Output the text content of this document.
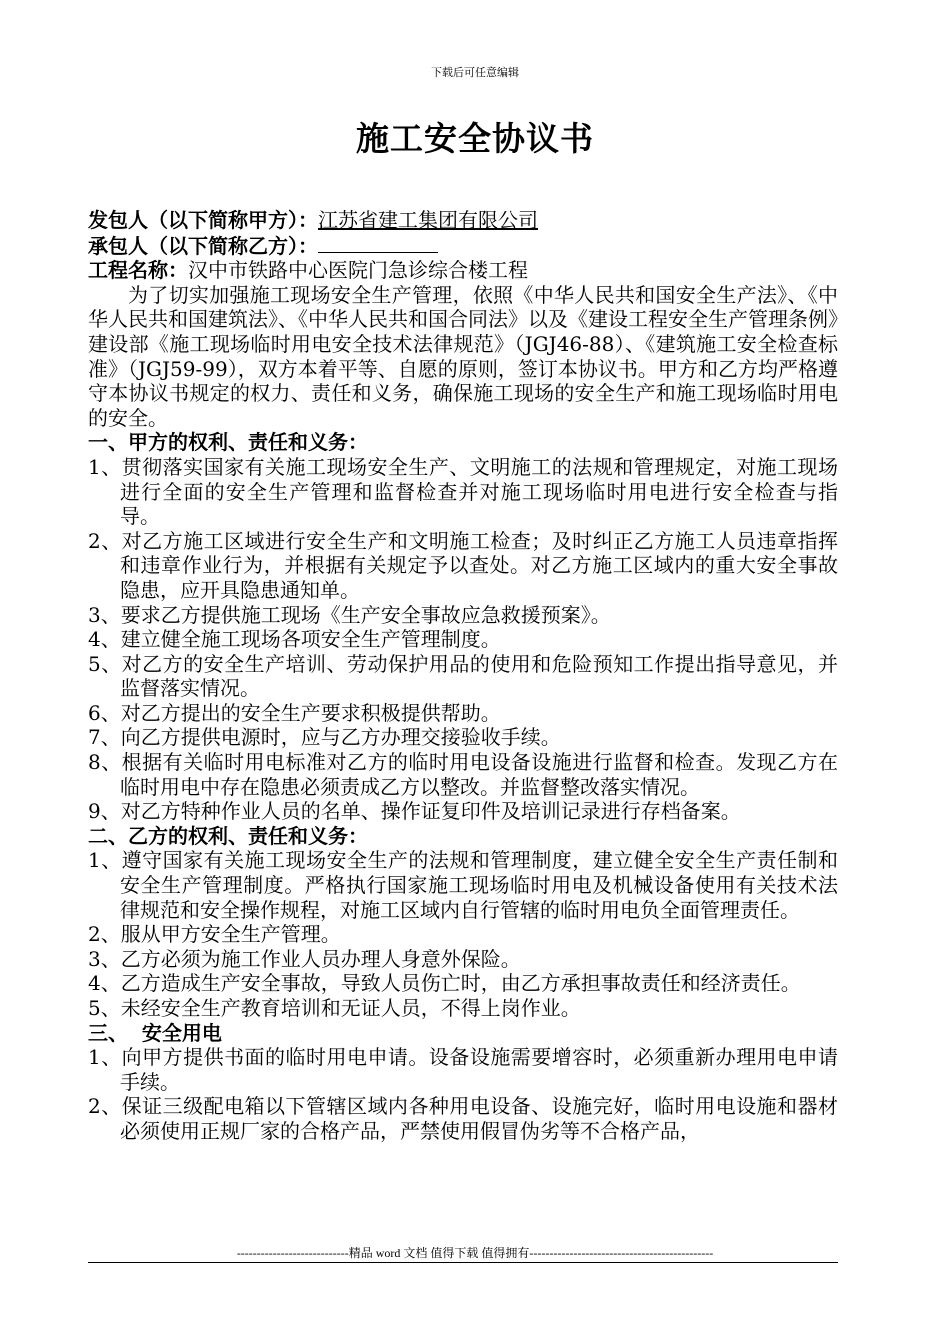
下载后可任意编辑
施工安全协议书

发包人（以下简称甲方）：江苏省建工集团有限公司

承包人（以下简称乙方）：

工程名称：汉中市铁路中心医院门急诊综合楼工程

为了切实加强施工现场安全生产管理，依照《中华人民共和国安全生产法》、《中华人民共和国建筑法》、《中华人民共和国合同法》以及《建设工程安全生产管理条例》建设部《施工现场临时用电安全技术法律规范》（JGJ46-88）、《建筑施工安全检查标准》（JGJ59-99），双方本着平等、自愿的原则，签订本协议书。甲方和乙方均严格遵守本协议书规定的权力、责任和义务，确保施工现场的安全生产和施工现场临时用电的安全。

一、甲方的权利、责任和义务：

1、贯彻落实国家有关施工现场安全生产、文明施工的法规和管理规定，对施工现场进行全面的安全生产管理和监督检查并对施工现场临时用电进行安全检查与指导。

2、对乙方施工区域进行安全生产和文明施工检查；及时纠正乙方施工人员违章指挥和违章作业行为，并根据有关规定予以查处。对乙方施工区域内的重大安全事故隐患，应开具隐患通知单。

3、要求乙方提供施工现场《生产安全事故应急救援预案》。

4、建立健全施工现场各项安全生产管理制度。

5、对乙方的安全生产培训、劳动保护用品的使用和危险预知工作提出指导意见，并监督落实情况。

6、对乙方提出的安全生产要求积极提供帮助。

7、向乙方提供电源时，应与乙方办理交接验收手续。

8、根据有关临时用电标准对乙方的临时用电设备设施进行监督和检查。发现乙方在临时用电中存在隐患必须责成乙方以整改。并监督整改落实情况。

9、对乙方特种作业人员的名单、操作证复印件及培训记录进行存档备案。

二、乙方的权利、责任和义务：

1、遵守国家有关施工现场安全生产的法规和管理制度，建立健全安全生产责任制和安全生产管理制度。严格执行国家施工现场临时用电及机械设备使用有关技术法律规范和安全操作规程，对施工区域内自行管辖的临时用电负全面管理责任。

2、服从甲方安全生产管理。

3、乙方必须为施工作业人员办理人身意外保险。

4、乙方造成生产安全事故，导致人员伤亡时，由乙方承担事故责任和经济责任。

5、未经安全生产教育培训和无证人员，不得上岗作业。

三、  安全用电

1、向甲方提供书面的临时用电申请。设备设施需要增容时，必须重新办理用电申请手续。

2、保证三级配电箱以下管辖区域内各种用电设备、设施完好，临时用电设施和器材必须使用正规厂家的合格产品，严禁使用假冒伪劣等不合格产品，

----------------------------精品 word 文档 值得下载 值得拥有----------------------------------------------
